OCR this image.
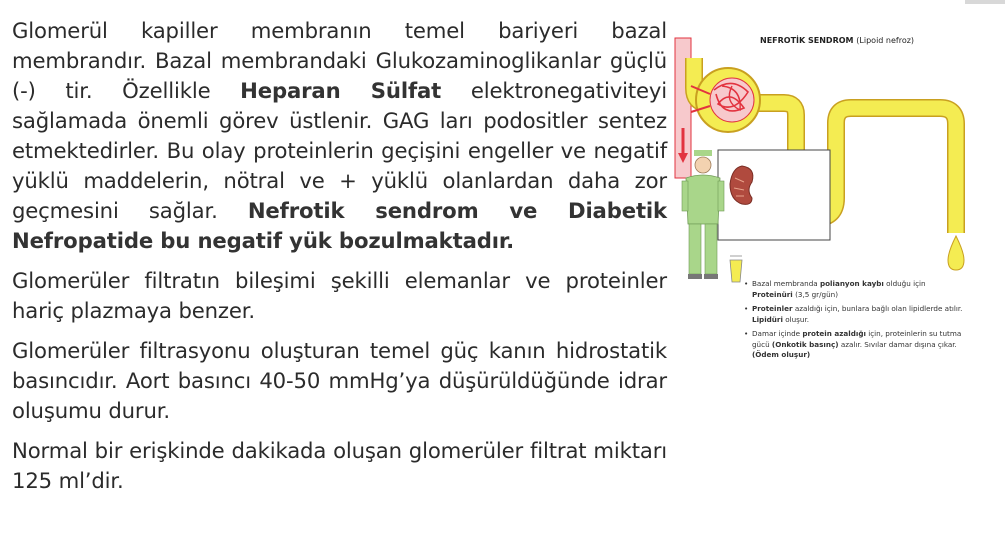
Glomerül kapiller membranın temel bariyeri bazal membrandır. Bazal membrandaki Glukozaminoglikanlar güçlü (-) tir. Özellikle Heparan Sülfat elektronegativiteyi sağlamada önemli görev üstlenir. GAG ları podositler sentez etmektedirler. Bu olay proteinlerin geçişini engeller ve negatif yüklü maddelerin, nötral ve + yüklü olanlardan daha zor geçmesini sağlar. Nefrotik sendrom ve Diabetik Nefropatide bu negatif yük bozulmaktadır.

Glomerüler filtratın bileşimi şekilli elemanlar ve proteinler hariç plazmaya benzer.

Glomerüler filtrasyonu oluşturan temel güç kanın hidrostatik basıncıdır. Aort basıncı 40-50 mmHg’ya düşürüldüğünde idrar oluşumu durur.

Normal bir erişkinde dakikada oluşan glomerüler filtrat miktarı 125 ml’dir.

NEFROTİK SENDROM (Lipoid nefroz)
• Bazal membranda polianyon kaybı olduğu için
Proteinüri (3,5 gr/gün)
• Proteinler azaldığı için, bunlara bağlı olan lipidlerde atılır.
Lipidüri oluşur.
• Damar içinde protein azaldığı için, proteinlerin su tutma gücü (Onkotik basınç) azalır. Sıvılar damar dışına çıkar.
(Ödem oluşur)
